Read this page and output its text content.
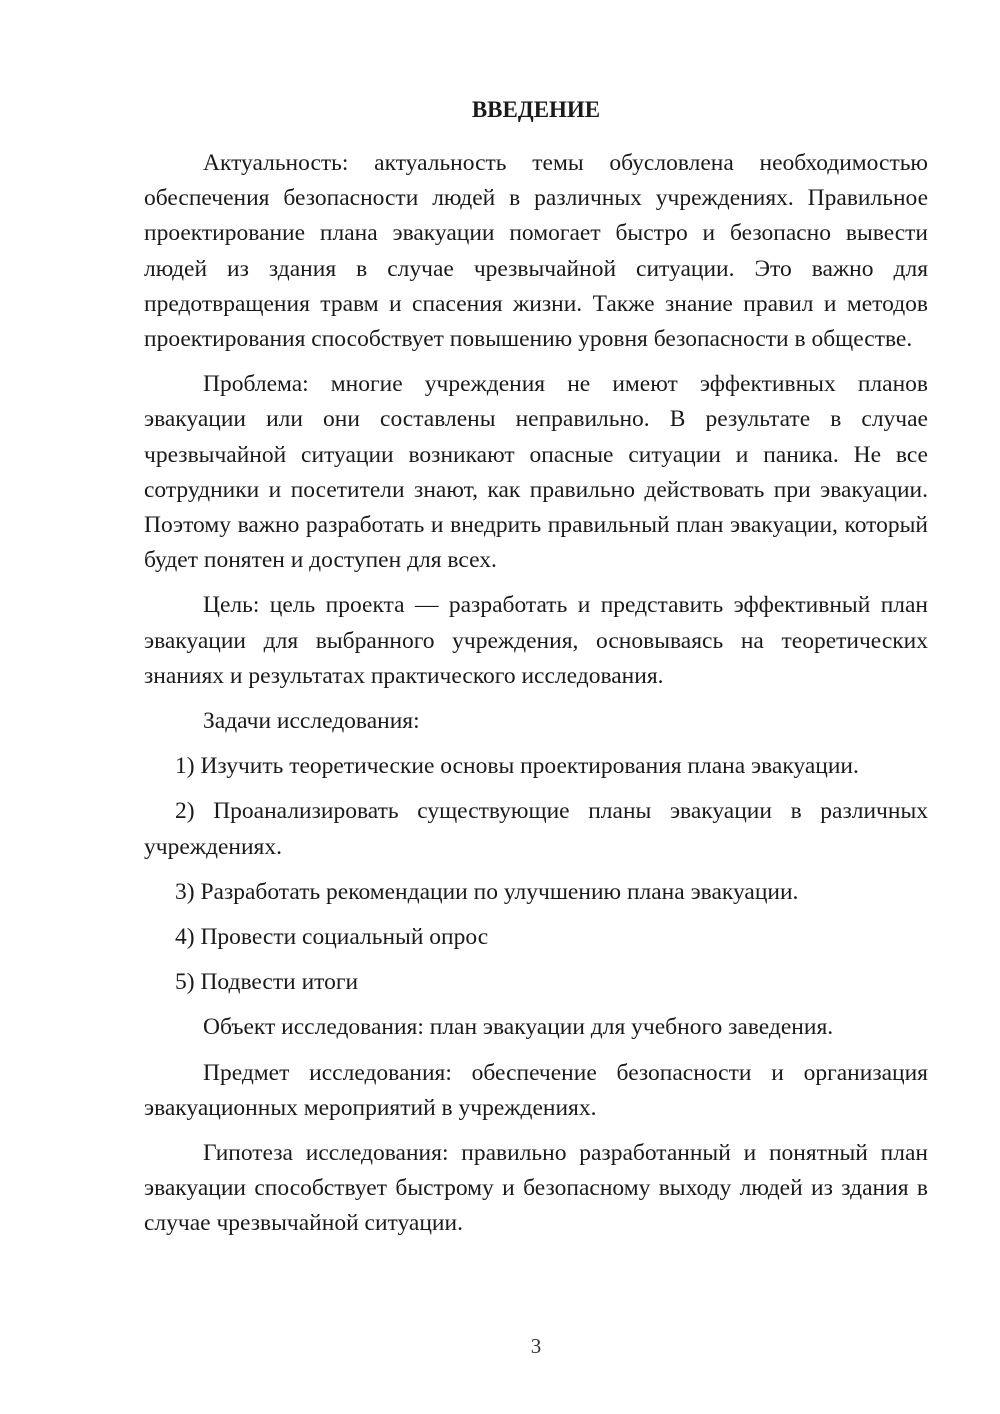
ВВЕДЕНИЕ

Актуальность: актуальность темы обусловлена необходимостью обеспечения безопасности людей в различных учреждениях. Правильное проектирование плана эвакуации помогает быстро и безопасно вывести людей из здания в случае чрезвычайной ситуации. Это важно для предотвращения травм и спасения жизни. Также знание правил и методов проектирования способствует повышению уровня безопасности в обществе.

Проблема: многие учреждения не имеют эффективных планов эвакуации или они составлены неправильно. В результате в случае чрезвычайной ситуации возникают опасные ситуации и паника. Не все сотрудники и посетители знают, как правильно действовать при эвакуации. Поэтому важно разработать и внедрить правильный план эвакуации, который будет понятен и доступен для всех.

Цель: цель проекта — разработать и представить эффективный план эвакуации для выбранного учреждения, основываясь на теоретических знаниях и результатах практического исследования.

Задачи исследования:

1) Изучить теоретические основы проектирования плана эвакуации.

2) Проанализировать существующие планы эвакуации в различных учреждениях.

3) Разработать рекомендации по улучшению плана эвакуации.

4) Провести социальный опрос

5) Подвести итоги

Объект исследования: план эвакуации для учебного заведения.

Предмет исследования: обеспечение безопасности и организация эвакуационных мероприятий в учреждениях.

Гипотеза исследования: правильно разработанный и понятный план эвакуации способствует быстрому и безопасному выходу людей из здания в случае чрезвычайной ситуации.

3
